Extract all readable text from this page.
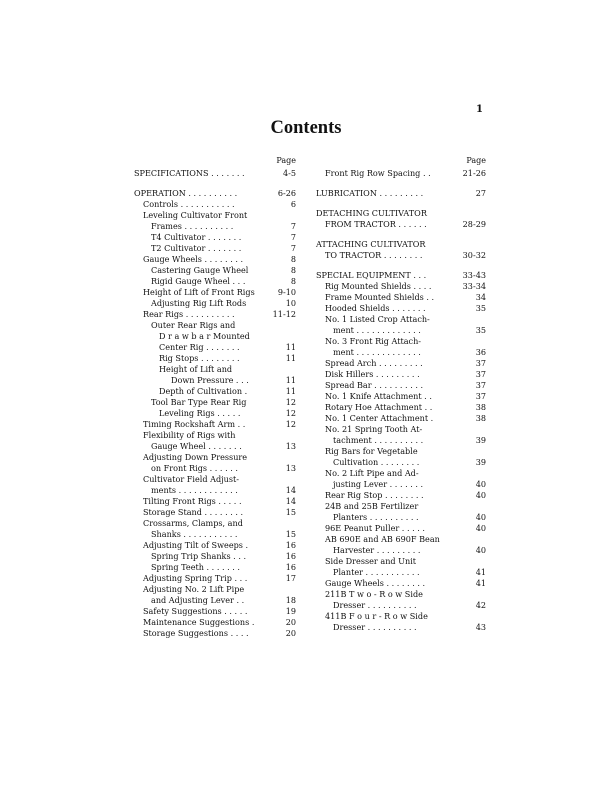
1
Contents
Page
SPECIFICATIONS . . . . . . .	4-5
OPERATION . . . . . . . . . .	6-26
Controls . . . . . . . . . . .	6
Leveling Cultivator Front
Frames . . . . . . . . . .	7
T4 Cultivator . . . . . . .	7
T2 Cultivator . . . . . . .	7
Gauge Wheels . . . . . . . .	8
Castering Gauge Wheel	8
Rigid Gauge Wheel . . .	8
Height of Lift of Front Rigs	9-10
Adjusting Rig Lift Rods	10
Rear Rigs . . . . . . . . . .	11-12
Outer Rear Rigs and
D r a w b a r Mounted
Center Rig . . . . . . .	11
Rig Stops . . . . . . . .	11
Height of Lift and
Down Pressure . . .	11
Depth of Cultivation .	11
Tool Bar Type Rear Rig	12
Leveling Rigs . . . . .	12
Timing Rockshaft Arm . .	12
Flexibility of Rigs with
Gauge Wheel . . . . . . .	13
Adjusting Down Pressure
on Front Rigs . . . . . .	13
Cultivator Field Adjust-
ments . . . . . . . . . . . .	14
Tilting Front Rigs . . . . .	14
Storage Stand . . . . . . . .	15
Crossarms, Clamps, and
Shanks . . . . . . . . . . .	15
Adjusting Tilt of Sweeps .	16
Spring Trip Shanks . . .	16
Spring Teeth . . . . . . .	16
Adjusting Spring Trip . . .	17
Adjusting No. 2 Lift Pipe
and Adjusting Lever . .	18
Safety Suggestions . . . . .	19
Maintenance Suggestions .	20
Storage Suggestions . . . .	20
Page
Front Rig Row Spacing . .	21-26
LUBRICATION . . . . . . . . .	27
DETACHING CULTIVATOR
FROM TRACTOR . . . . . .	28-29
ATTACHING CULTIVATOR
TO TRACTOR . . . . . . . .	30-32
SPECIAL EQUIPMENT . . .	33-43
Rig Mounted Shields . . . .	33-34
Frame Mounted Shields . .	34
Hooded Shields . . . . . . .	35
No. 1 Listed Crop Attach-
ment . . . . . . . . . . . . .	35
No. 3 Front Rig Attach-
ment . . . . . . . . . . . . .	36
Spread Arch . . . . . . . . .	37
Disk Hillers . . . . . . . . .	37
Spread Bar . . . . . . . . . .	37
No. 1 Knife Attachment . .	37
Rotary Hoe Attachment . .	38
No. 1 Center Attachment .	38
No. 21 Spring Tooth At-
tachment . . . . . . . . . .	39
Rig Bars for Vegetable
Cultivation . . . . . . . .	39
No. 2 Lift Pipe and Ad-
justing Lever . . . . . . .	40
Rear Rig Stop . . . . . . . .	40
24B and 25B Fertilizer
Planters . . . . . . . . . .	40
96E Peanut Puller . . . . .	40
AB 690E and AB 690F Bean
Harvester . . . . . . . . .	40
Side Dresser and Unit
Planter . . . . . . . . . . .	41
Gauge Wheels . . . . . . . .	41
211B T w o - R o w Side
Dresser . . . . . . . . . .	42
411B F o u r - R o w Side
Dresser . . . . . . . . . .	43
